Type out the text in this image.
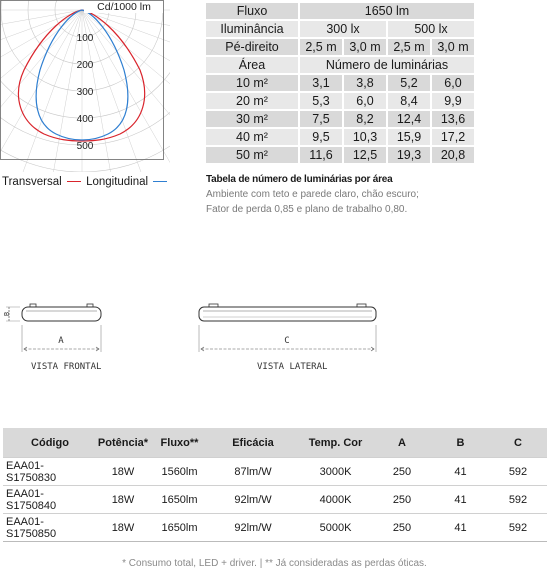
Cd/1000 lm
100
200
300
400
500
Transversal Longitudinal
Fluxo	1650 lm			
Iluminância	300 lx		500 lx	
Pé-direito	2,5 m	3,0 m	2,5 m	3,0 m
Área	Número de luminárias			
10 m²	3,1	3,8	5,2	6,0
20 m²	5,3	6,0	8,4	9,9
30 m²	7,5	8,2	12,4	13,6
40 m²	9,5	10,3	15,9	17,2
50 m²	11,6	12,5	19,3	20,8
Tabela de número de luminárias por área
Ambiente com teto e parede claro, chão escuro;
Fator de perda 0,85 e plano de trabalho 0,80.
A
B
C
VISTA FRONTAL	VISTA LATERAL
Código	Potência*	Fluxo**	Eficácia	Temp. Cor	A	B	C
EAA01-S1750830	18W	1560lm	87lm/W	3000K	250	41	592
EAA01-S1750840	18W	1650lm	92lm/W	4000K	250	41	592
EAA01-S1750850	18W	1650lm	92lm/W	5000K	250	41	592
* Consumo total, LED + driver. | ** Já consideradas as perdas óticas.
